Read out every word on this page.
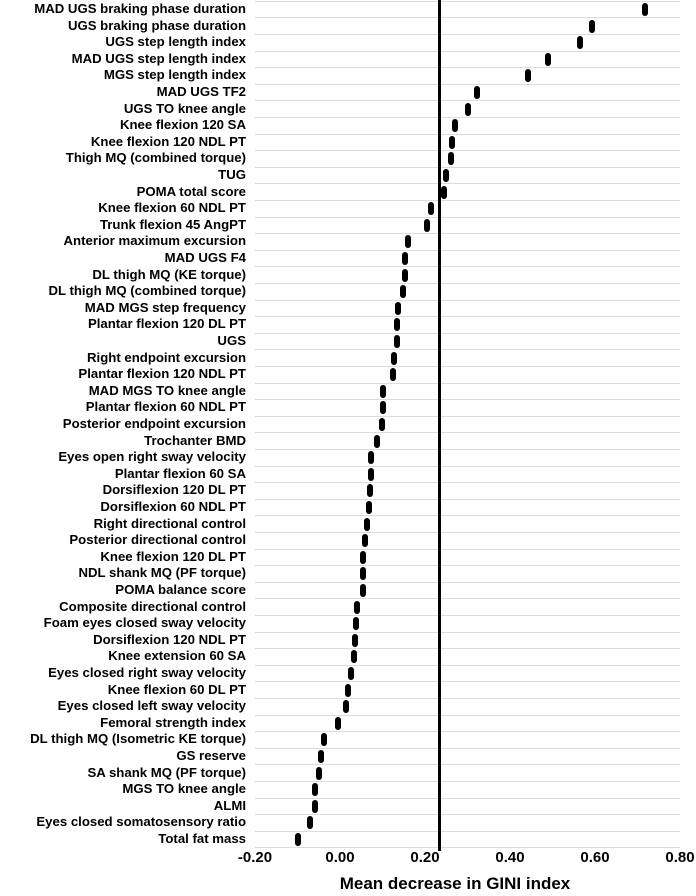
MAD UGS braking phase duration
UGS braking phase duration
UGS step length index
MAD UGS step length index
MGS step length index
MAD UGS TF2
UGS TO knee angle
Knee flexion 120 SA
Knee flexion 120 NDL PT
Thigh MQ (combined torque)
TUG
POMA total score
Knee flexion 60 NDL PT
Trunk flexion 45 AngPT
Anterior maximum excursion
MAD UGS F4
DL thigh MQ (KE torque)
DL thigh MQ (combined torque)
MAD MGS step frequency
Plantar flexion 120 DL PT
UGS
Right endpoint excursion
Plantar flexion 120 NDL PT
MAD MGS TO knee angle
Plantar flexion 60 NDL PT
Posterior endpoint excursion
Trochanter BMD
Eyes open right sway velocity
Plantar flexion 60 SA
Dorsiflexion 120 DL PT
Dorsiflexion 60 NDL PT
Right directional control
Posterior directional control
Knee flexion 120 DL PT
NDL shank MQ (PF torque)
POMA balance score
Composite directional control
Foam eyes closed sway velocity
Dorsiflexion 120 NDL PT
Knee extension 60 SA
Eyes closed right sway velocity
Knee flexion 60 DL PT
Eyes closed left sway velocity
Femoral strength index
DL thigh MQ (Isometric KE torque)
GS reserve
SA shank MQ (PF torque)
MGS TO knee angle
ALMI
Eyes closed somatosensory ratio
Total fat mass
-0.20	0.00	0.20	0.40	0.60	0.80
Mean decrease in GINI index
